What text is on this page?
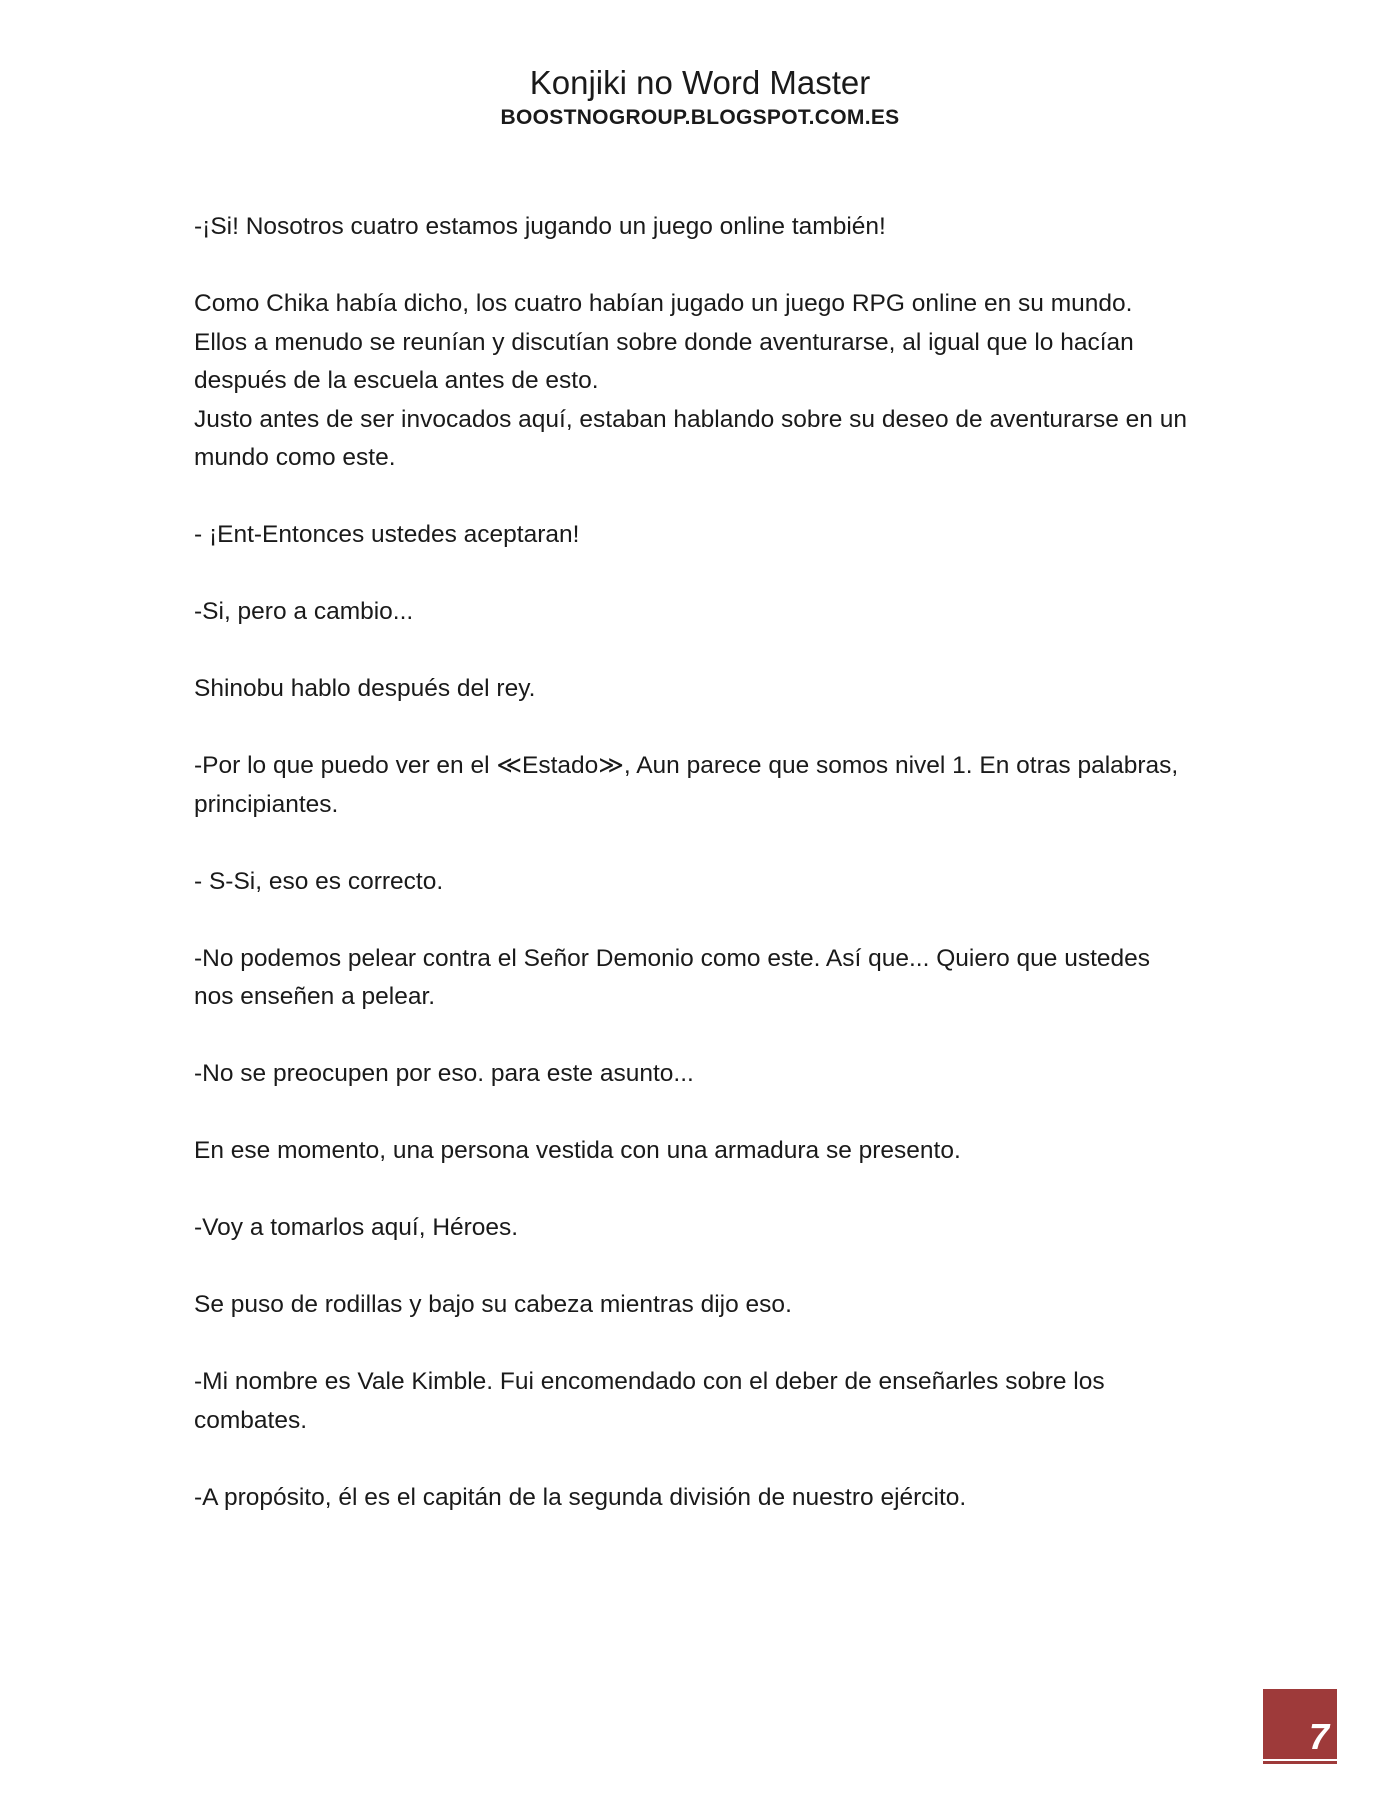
Konjiki no Word Master
BOOSTNOGROUP.BLOGSPOT.COM.ES
-¡Si! Nosotros cuatro estamos jugando un juego online también!
Como Chika había dicho, los cuatro habían jugado un juego RPG online en su mundo.
Ellos a menudo se reunían y discutían sobre donde aventurarse, al igual que lo hacían
después de la escuela antes de esto.
Justo antes de ser invocados aquí, estaban hablando sobre su deseo de aventurarse en un
mundo como este.
- ¡Ent-Entonces ustedes aceptaran!
-Si, pero a cambio...
Shinobu hablo después del rey.
-Por lo que puedo ver en el ≪Estado≫, Aun parece que somos nivel 1. En otras palabras,
principiantes.
- S-Si, eso es correcto.
-No podemos pelear contra el Señor Demonio como este. Así que... Quiero que ustedes
nos enseñen a pelear.
-No se preocupen por eso. para este asunto...
En ese momento, una persona vestida con una armadura se presento.
-Voy a tomarlos aquí, Héroes.
Se puso de rodillas y bajo su cabeza mientras dijo eso.
-Mi nombre es Vale Kimble. Fui encomendado con el deber de enseñarles sobre los
combates.
-A propósito, él es el capitán de la segunda división de nuestro ejército.
7
